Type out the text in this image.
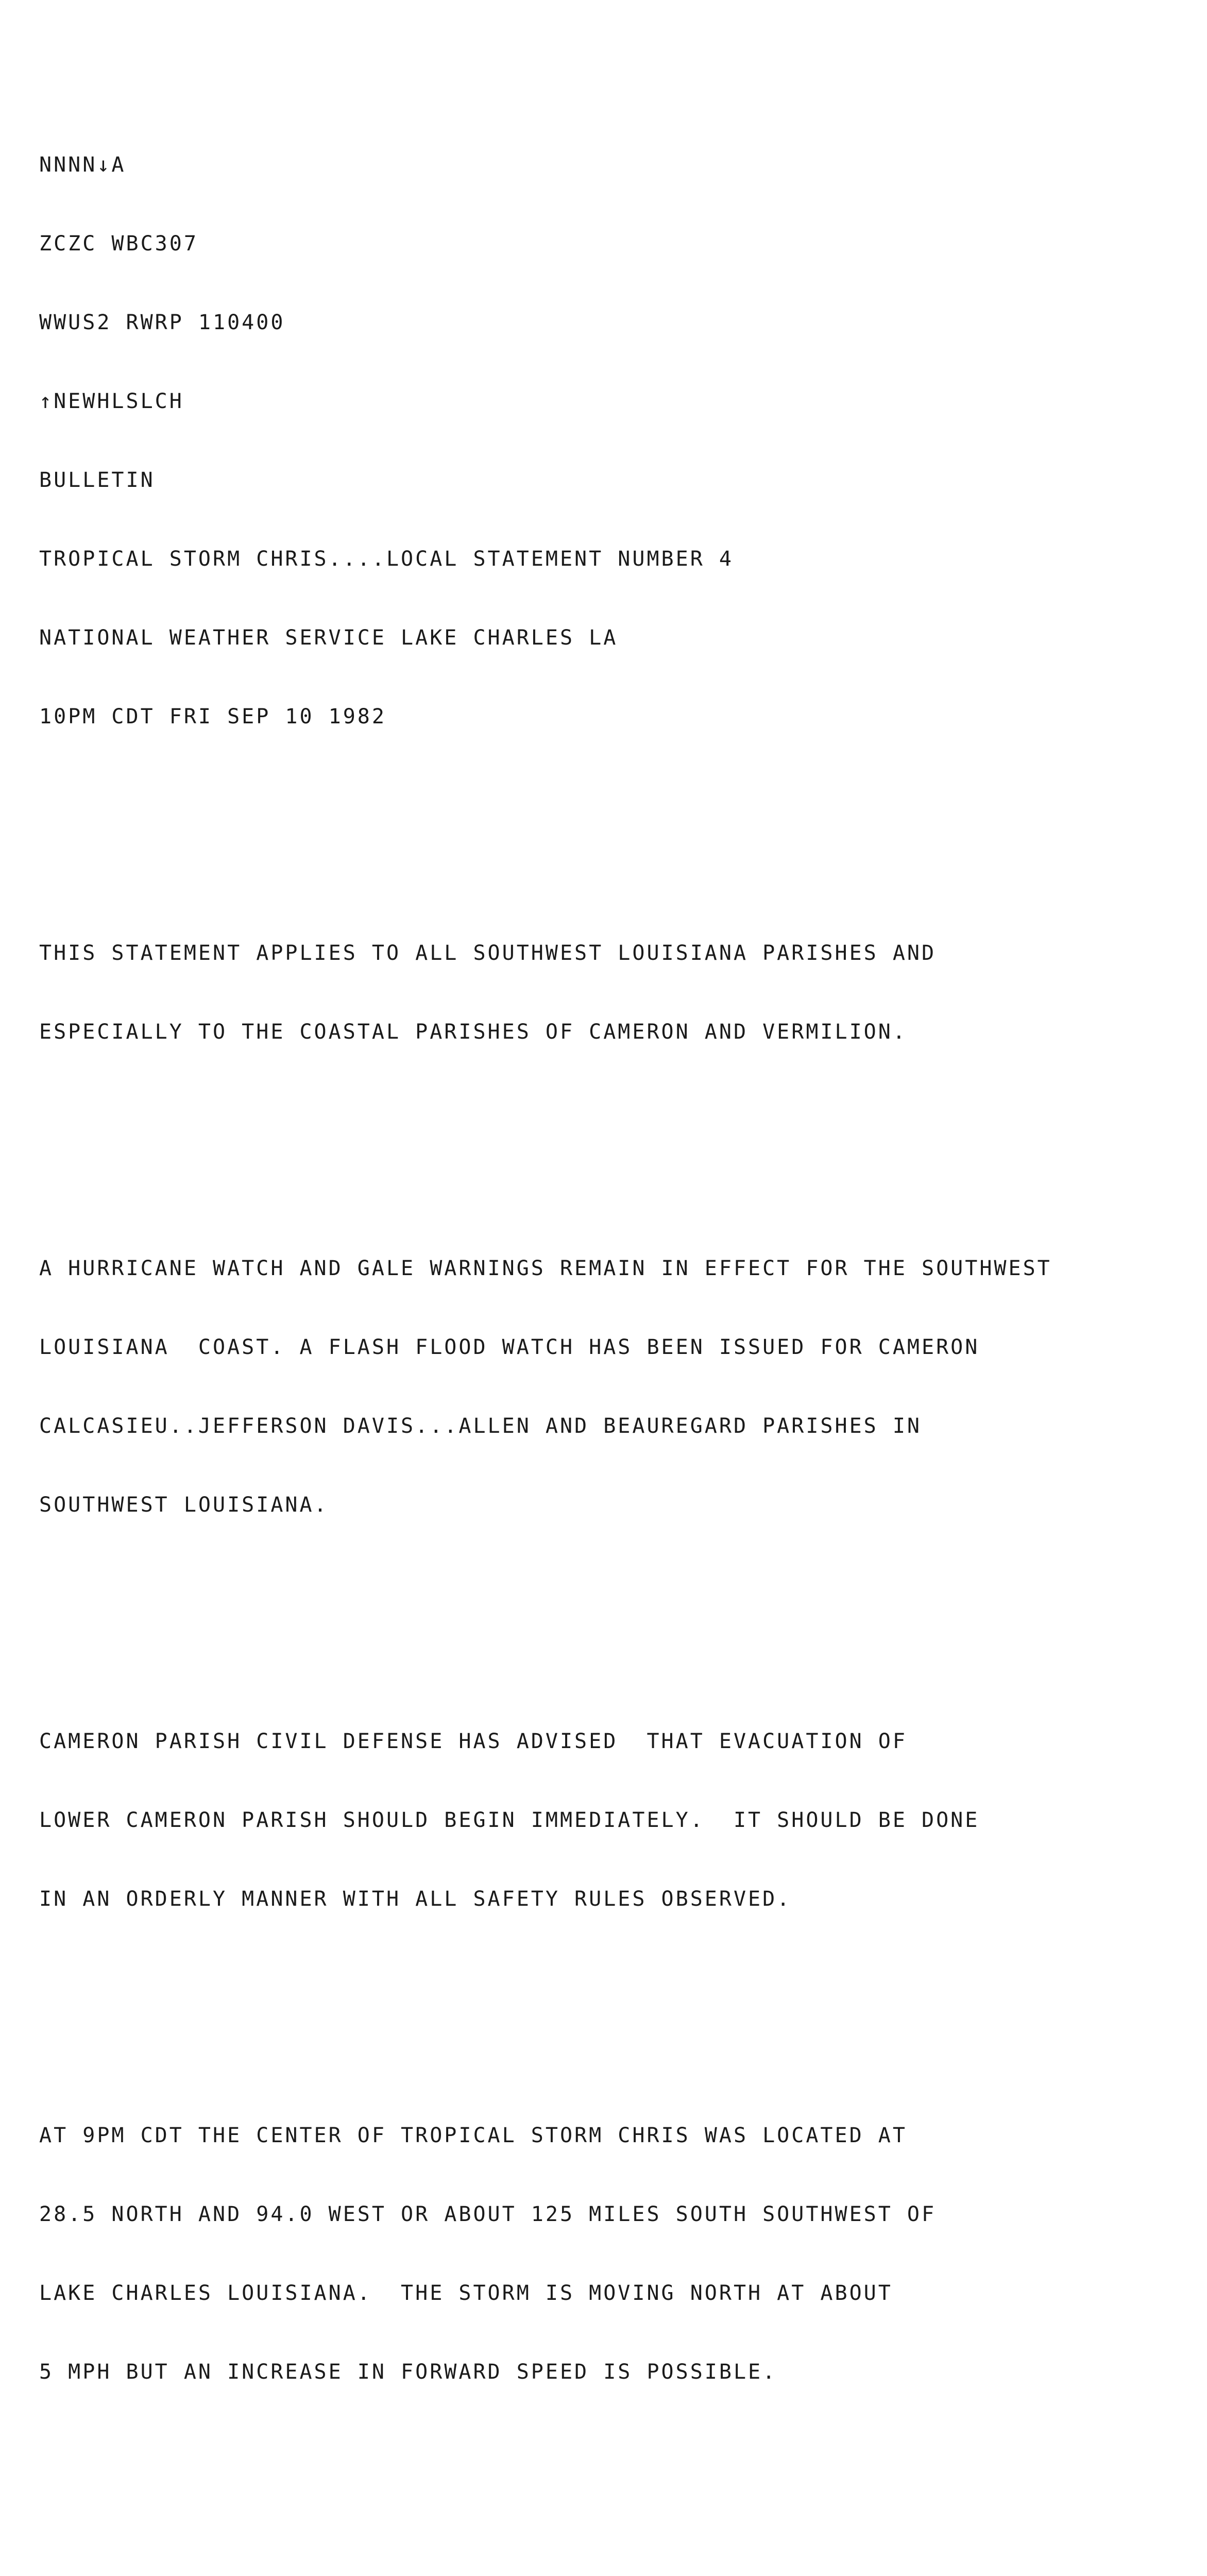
NNNN↓A

ZCZC WBC307

WWUS2 RWRP 110400

↑NEWHLSLCH

BULLETIN

TROPICAL STORM CHRIS....LOCAL STATEMENT NUMBER 4

NATIONAL WEATHER SERVICE LAKE CHARLES LA

10PM CDT FRI SEP 10 1982

THIS STATEMENT APPLIES TO ALL SOUTHWEST LOUISIANA PARISHES AND

ESPECIALLY TO THE COASTAL PARISHES OF CAMERON AND VERMILION.

A HURRICANE WATCH AND GALE WARNINGS REMAIN IN EFFECT FOR THE SOUTHWEST

LOUISIANA  COAST. A FLASH FLOOD WATCH HAS BEEN ISSUED FOR CAMERON

CALCASIEU..JEFFERSON DAVIS...ALLEN AND BEAUREGARD PARISHES IN

SOUTHWEST LOUISIANA.

CAMERON PARISH CIVIL DEFENSE HAS ADVISED  THAT EVACUATION OF

LOWER CAMERON PARISH SHOULD BEGIN IMMEDIATELY.  IT SHOULD BE DONE

IN AN ORDERLY MANNER WITH ALL SAFETY RULES OBSERVED.

AT 9PM CDT THE CENTER OF TROPICAL STORM CHRIS WAS LOCATED AT

28.5 NORTH AND 94.0 WEST OR ABOUT 125 MILES SOUTH SOUTHWEST OF

LAKE CHARLES LOUISIANA.  THE STORM IS MOVING NORTH AT ABOUT

5 MPH BUT AN INCREASE IN FORWARD SPEED IS POSSIBLE.
